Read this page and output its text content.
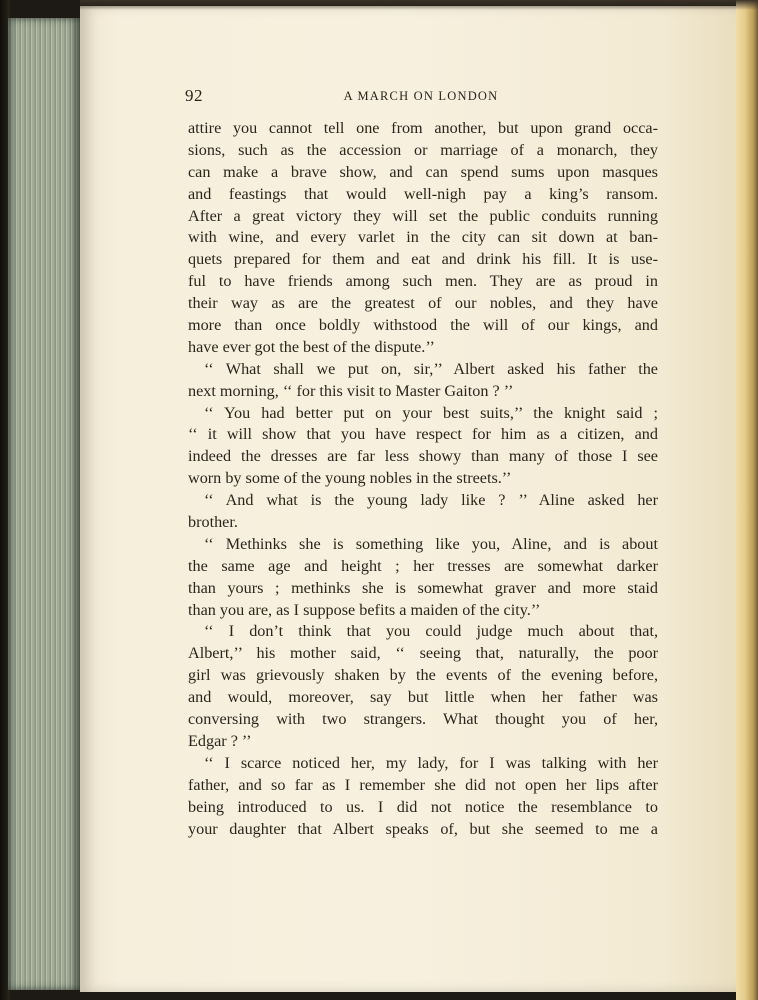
92	A MARCH ON LONDON
attire you cannot tell one from another, but upon grand occa-
sions, such as the accession or marriage of a monarch, they
can make a brave show, and can spend sums upon masques
and feastings that would well-nigh pay a king’s ransom.
After a great victory they will set the public conduits running
with wine, and every varlet in the city can sit down at ban-
quets prepared for them and eat and drink his fill. It is use-
ful to have friends among such men. They are as proud in
their way as are the greatest of our nobles, and they have
more than once boldly withstood the will of our kings, and
have ever got the best of the dispute.’’
‘‘ What shall we put on, sir,’’ Albert asked his father the
next morning, ‘‘ for this visit to Master Gaiton ? ’’
‘‘ You had better put on your best suits,’’ the knight said ;
‘‘ it will show that you have respect for him as a citizen, and
indeed the dresses are far less showy than many of those I see
worn by some of the young nobles in the streets.’’
‘‘ And what is the young lady like ? ’’ Aline asked her
brother.
‘‘ Methinks she is something like you, Aline, and is about
the same age and height ; her tresses are somewhat darker
than yours ; methinks she is somewhat graver and more staid
than you are, as I suppose befits a maiden of the city.’’
‘‘ I don’t think that you could judge much about that,
Albert,’’ his mother said, ‘‘ seeing that, naturally, the poor
girl was grievously shaken by the events of the evening before,
and would, moreover, say but little when her father was
conversing with two strangers. What thought you of her,
Edgar ? ’’
‘‘ I scarce noticed her, my lady, for I was talking with her
father, and so far as I remember she did not open her lips after
being introduced to us. I did not notice the resemblance to
your daughter that Albert speaks of, but she seemed to me a
